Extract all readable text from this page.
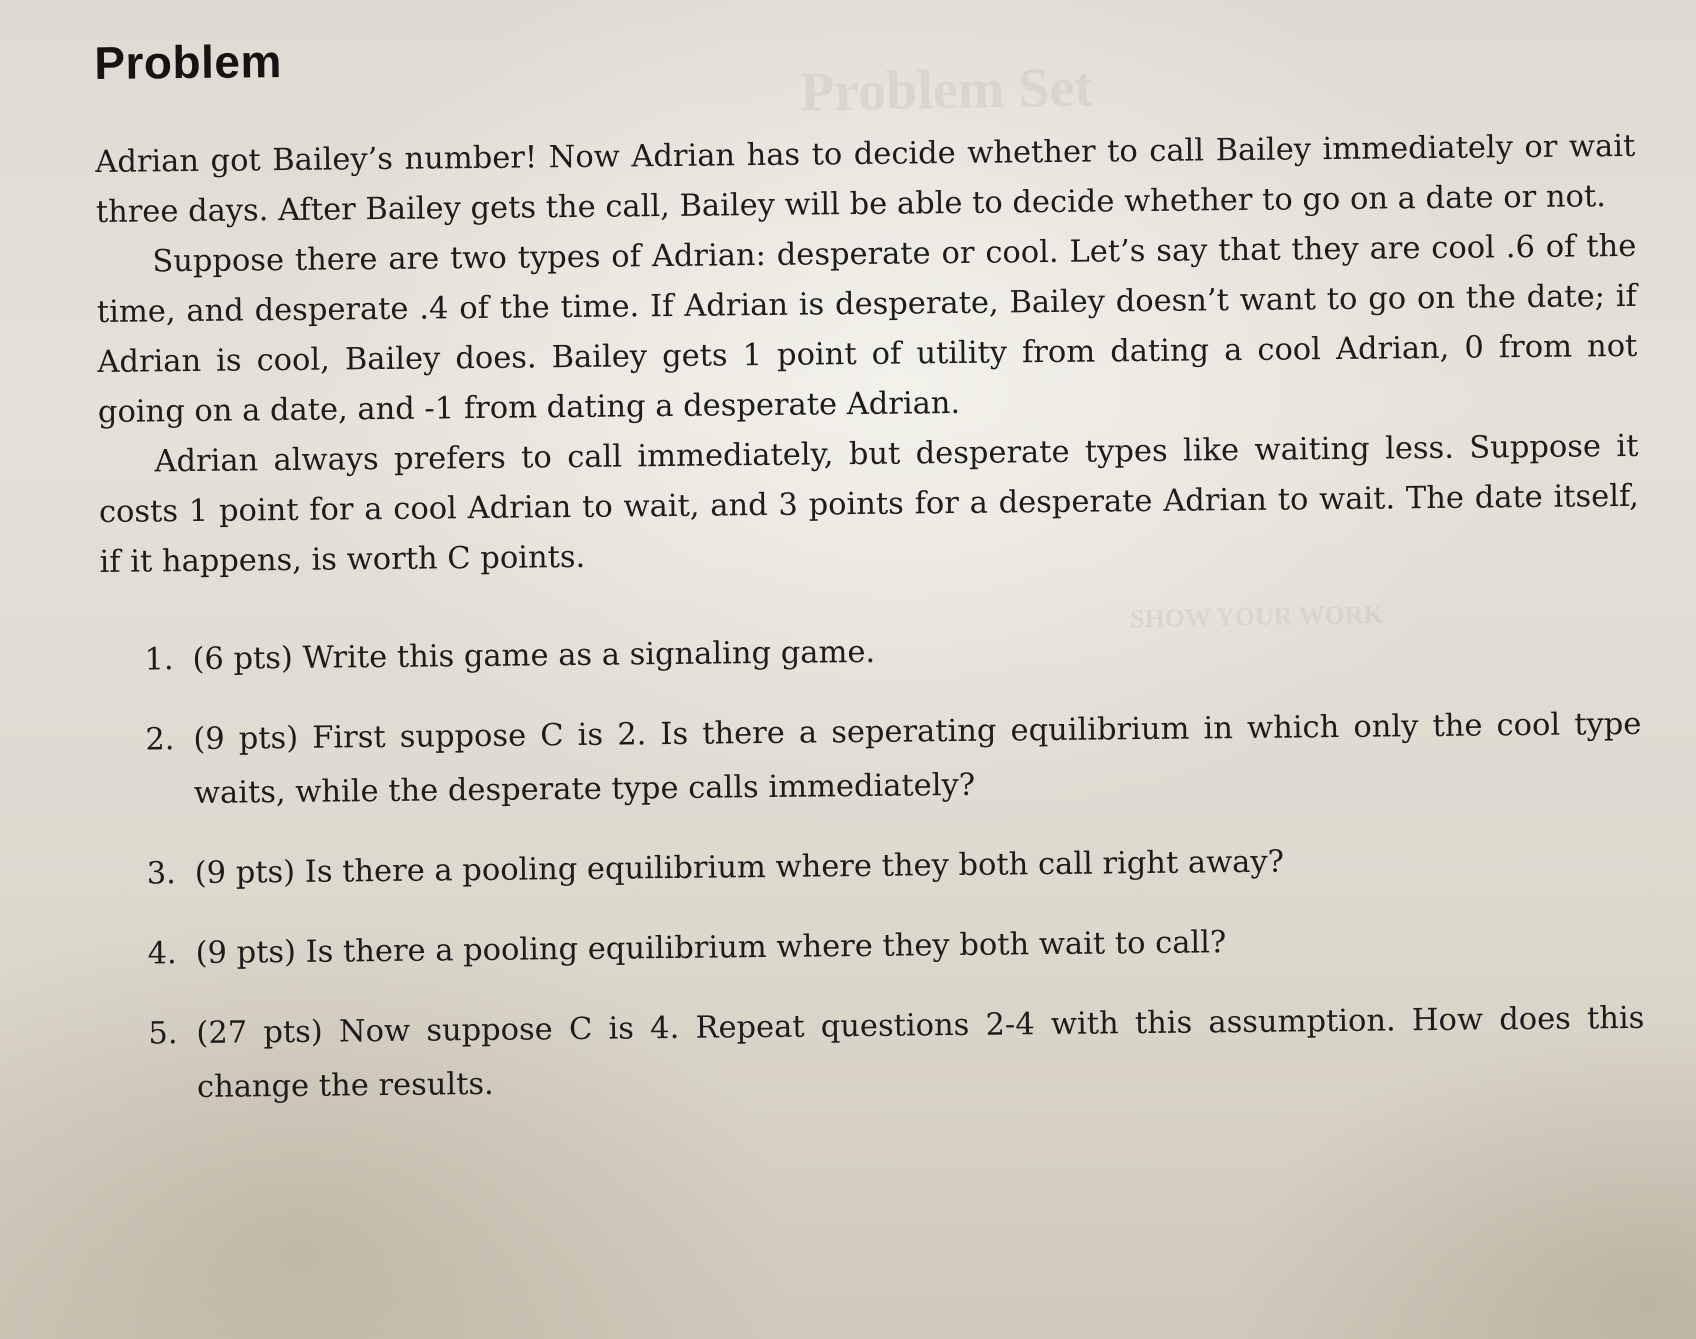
Problem Set
SHOW YOUR WORK
Problem

Adrian got Bailey’s number! Now Adrian has to decide whether to call Bailey immediately or wait three days. After Bailey gets the call, Bailey will be able to decide whether to go on a date or not.

Suppose there are two types of Adrian: desperate or cool. Let’s say that they are cool .6 of the time, and desperate .4 of the time. If Adrian is desperate, Bailey doesn’t want to go on the date; if Adrian is cool, Bailey does. Bailey gets 1 point of utility from dating a cool Adrian, 0 from not going on a date, and -1 from dating a desperate Adrian.

Adrian always prefers to call immediately, but desperate types like waiting less. Suppose it costs 1 point for a cool Adrian to wait, and 3 points for a desperate Adrian to wait. The date itself, if it happens, is worth C points.

1. (6 pts) Write this game as a signaling game.
2. (9 pts) First suppose C is 2. Is there a seperating equilibrium in which only the cool type waits, while the desperate type calls immediately?
3. (9 pts) Is there a pooling equilibrium where they both call right away?
4. (9 pts) Is there a pooling equilibrium where they both wait to call?
5. (27 pts) Now suppose C is 4. Repeat questions 2-4 with this assumption. How does this change the results.
